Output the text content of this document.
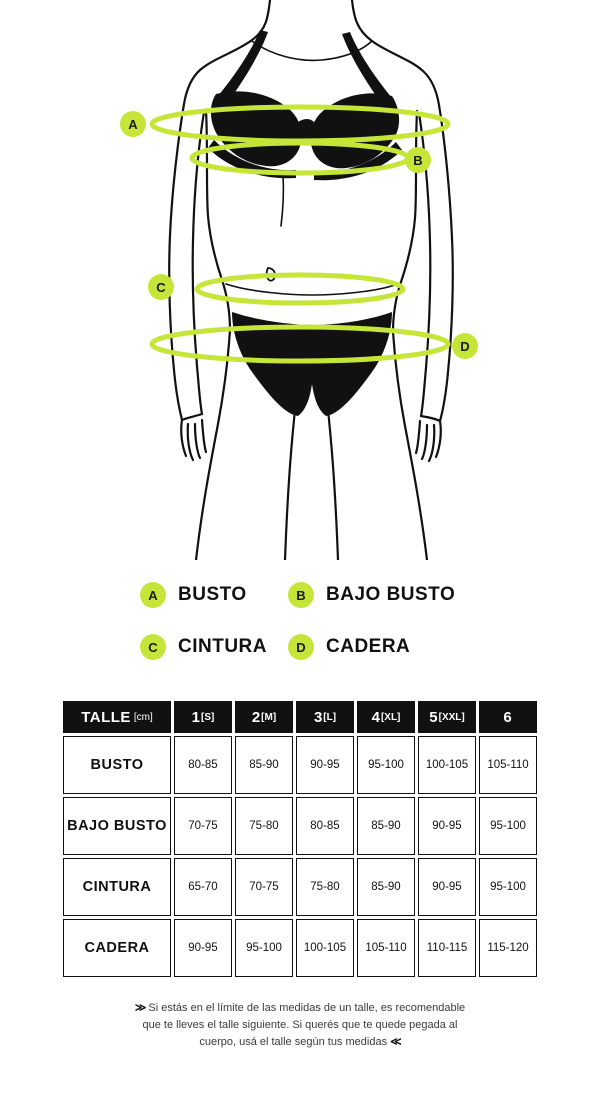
A
B
C
D
A	BUSTO	B	BAJO BUSTO
C	CINTURA	D	CADERA
TALLE [cm]	1 [S]	2 [M]	3 [L]	4 [XL]	5 [XXL]	6

BUSTO	80-85	85-90	90-95	95-100	100-105	105-110

BAJO BUSTO	70-75	75-80	80-85	85-90	90-95	95-100

CINTURA	65-70	70-75	75-80	85-90	90-95	95-100

CADERA	90-95	95-100	100-105	105-110	110-115	115-120
≫ Si estás en el límite de las medidas de un talle, es recomendable
que te lleves el talle siguiente. Si querés que te quede pegada al
cuerpo, usá el talle según tus medidas ≪
